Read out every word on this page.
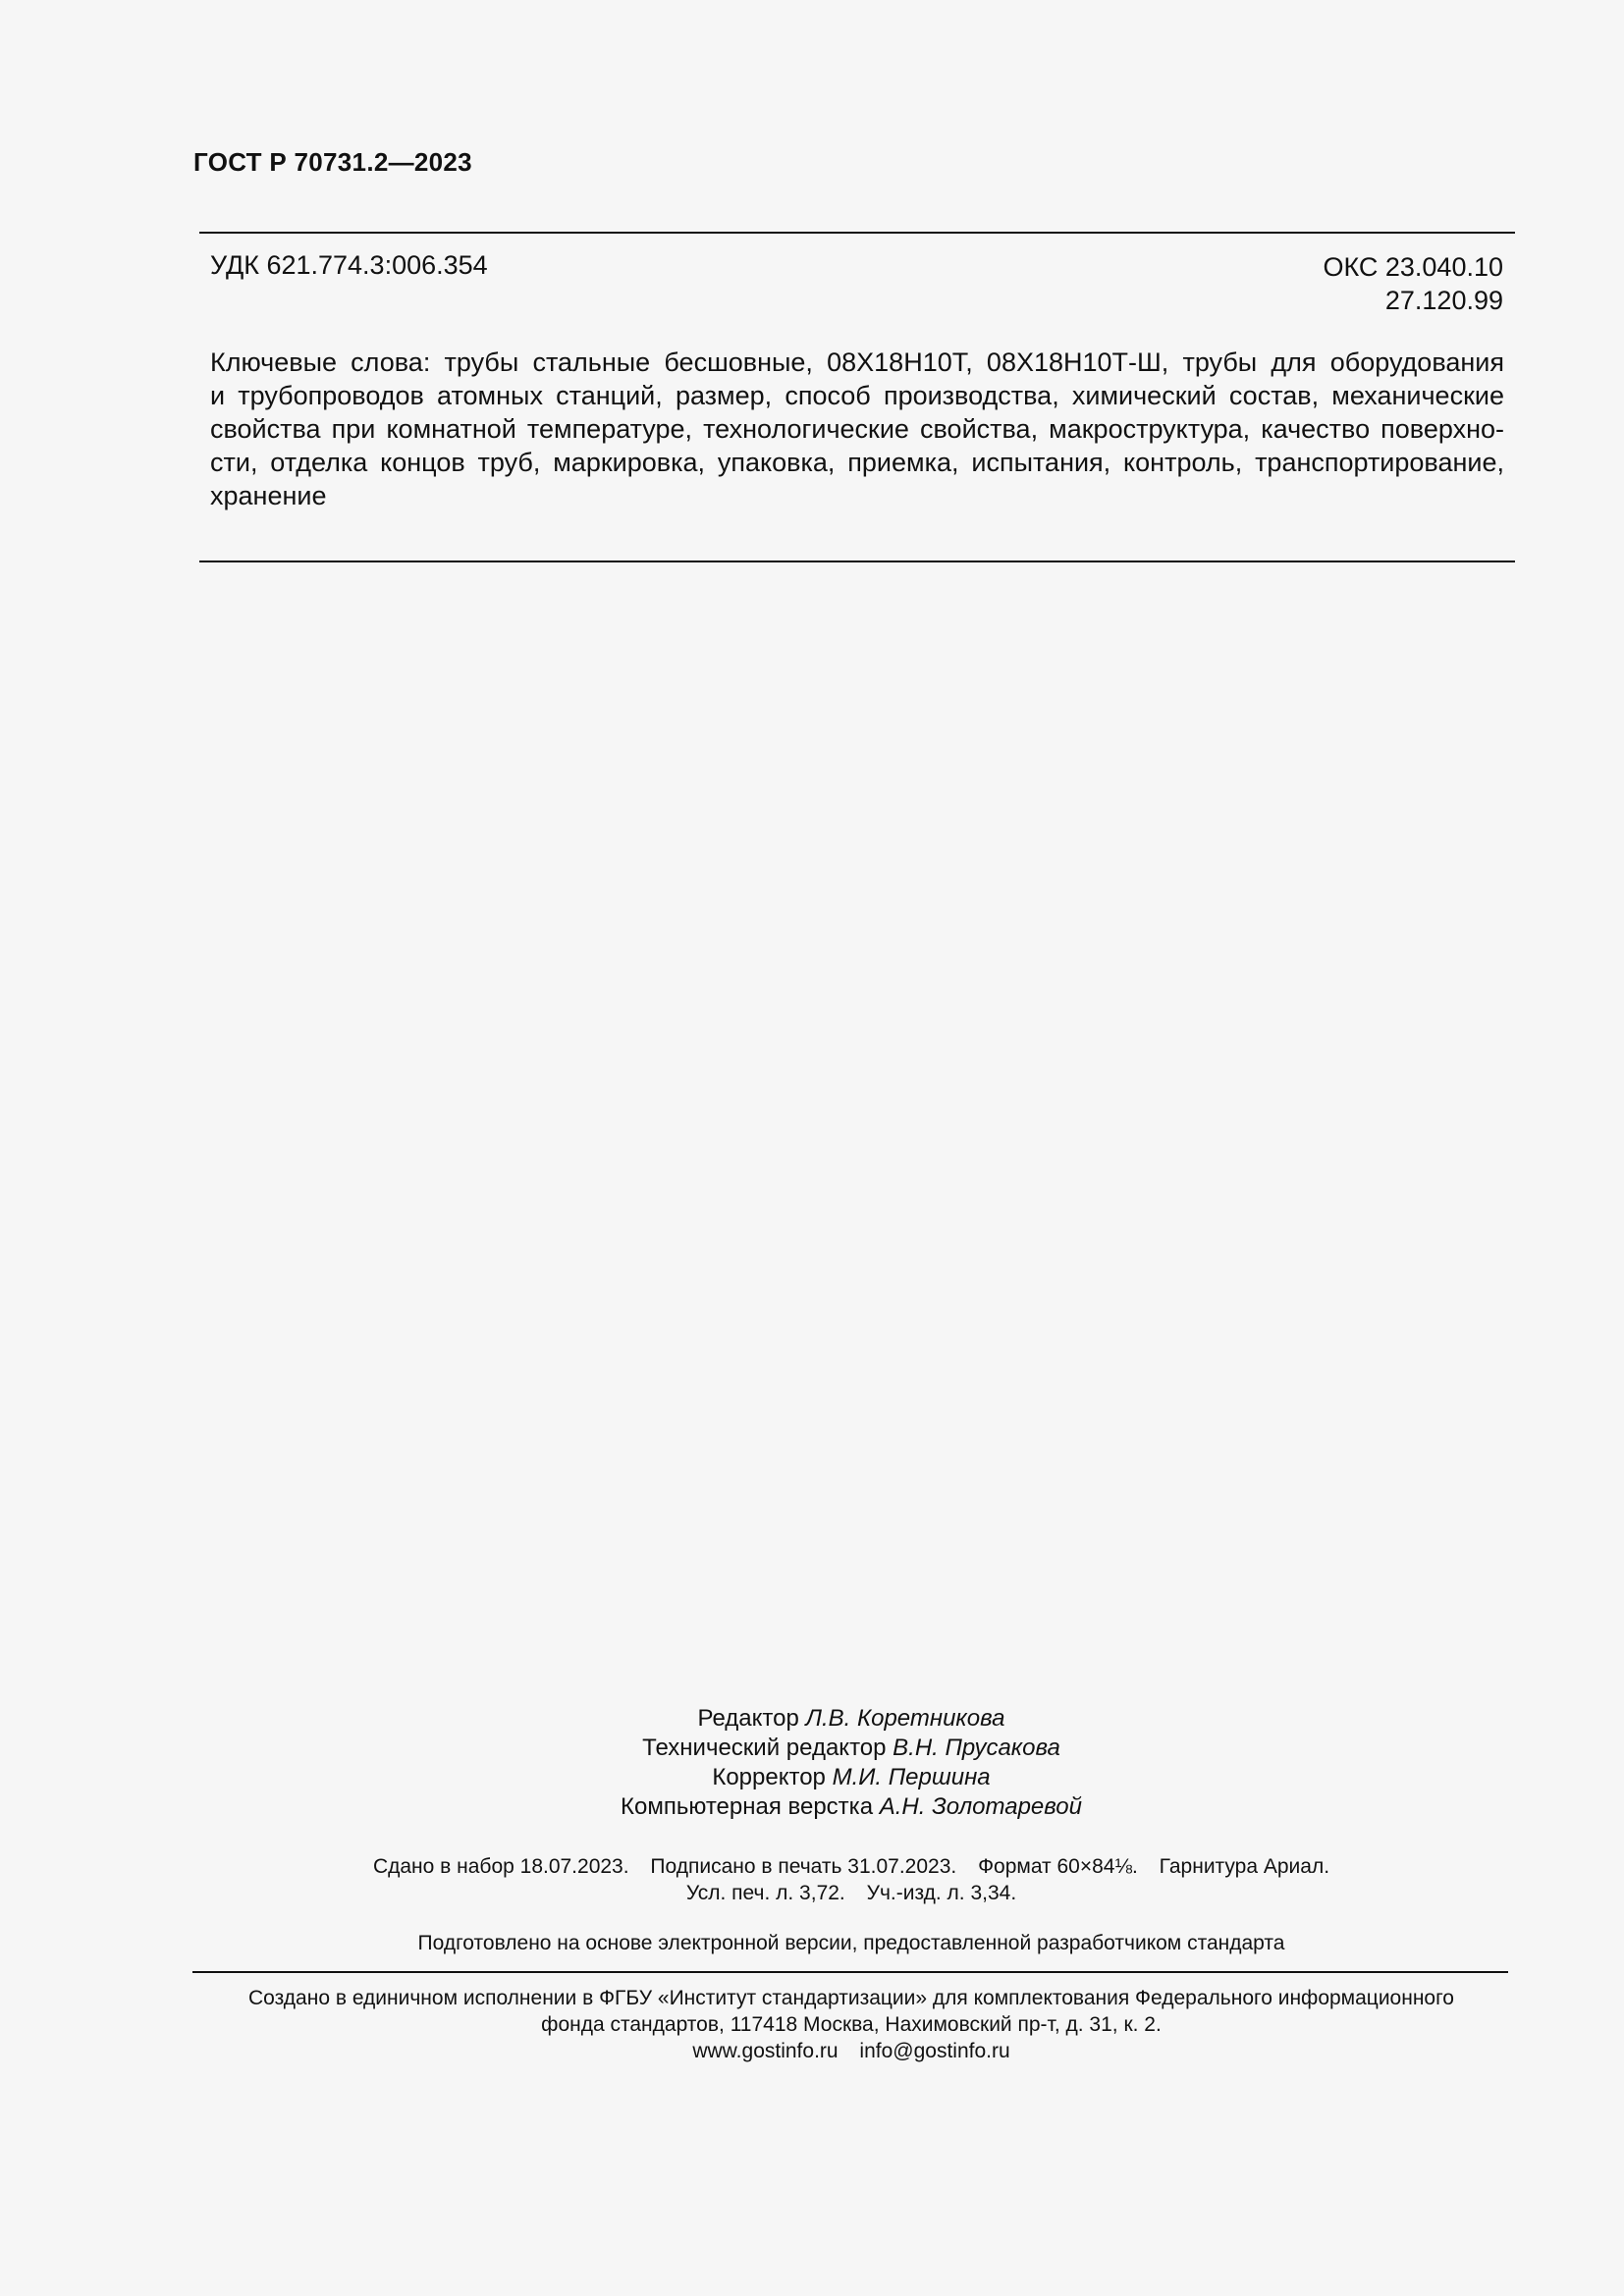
ГОСТ Р 70731.2—2023
УДК 621.774.3:006.354	ОКС 23.040.10
27.120.99
Ключевые слова: трубы стальные бесшовные, 08Х18Н10Т, 08Х18Н10Т-Ш, трубы для оборудования
и трубопроводов атомных станций, размер, способ производства, химический состав, механические
свойства при комнатной температуре, технологические свойства, макроструктура, качество поверхно-
сти, отделка концов труб, маркировка, упаковка, приемка, испытания, контроль, транспортирование,
хранение
Редактор Л.В. Коретникова
Технический редактор В.Н. Прусакова
Корректор М.И. Першина
Компьютерная верстка А.Н. Золотаревой
Сдано в набор 18.07.2023. Подписано в печать 31.07.2023. Формат 60×84⅛. Гарнитура Ариал.
Усл. печ. л. 3,72. Уч.-изд. л. 3,34.
Подготовлено на основе электронной версии, предоставленной разработчиком стандарта
Создано в единичном исполнении в ФГБУ «Институт стандартизации» для комплектования Федерального информационного
фонда стандартов, 117418 Москва, Нахимовский пр-т, д. 31, к. 2.
www.gostinfo.ru info@gostinfo.ru
